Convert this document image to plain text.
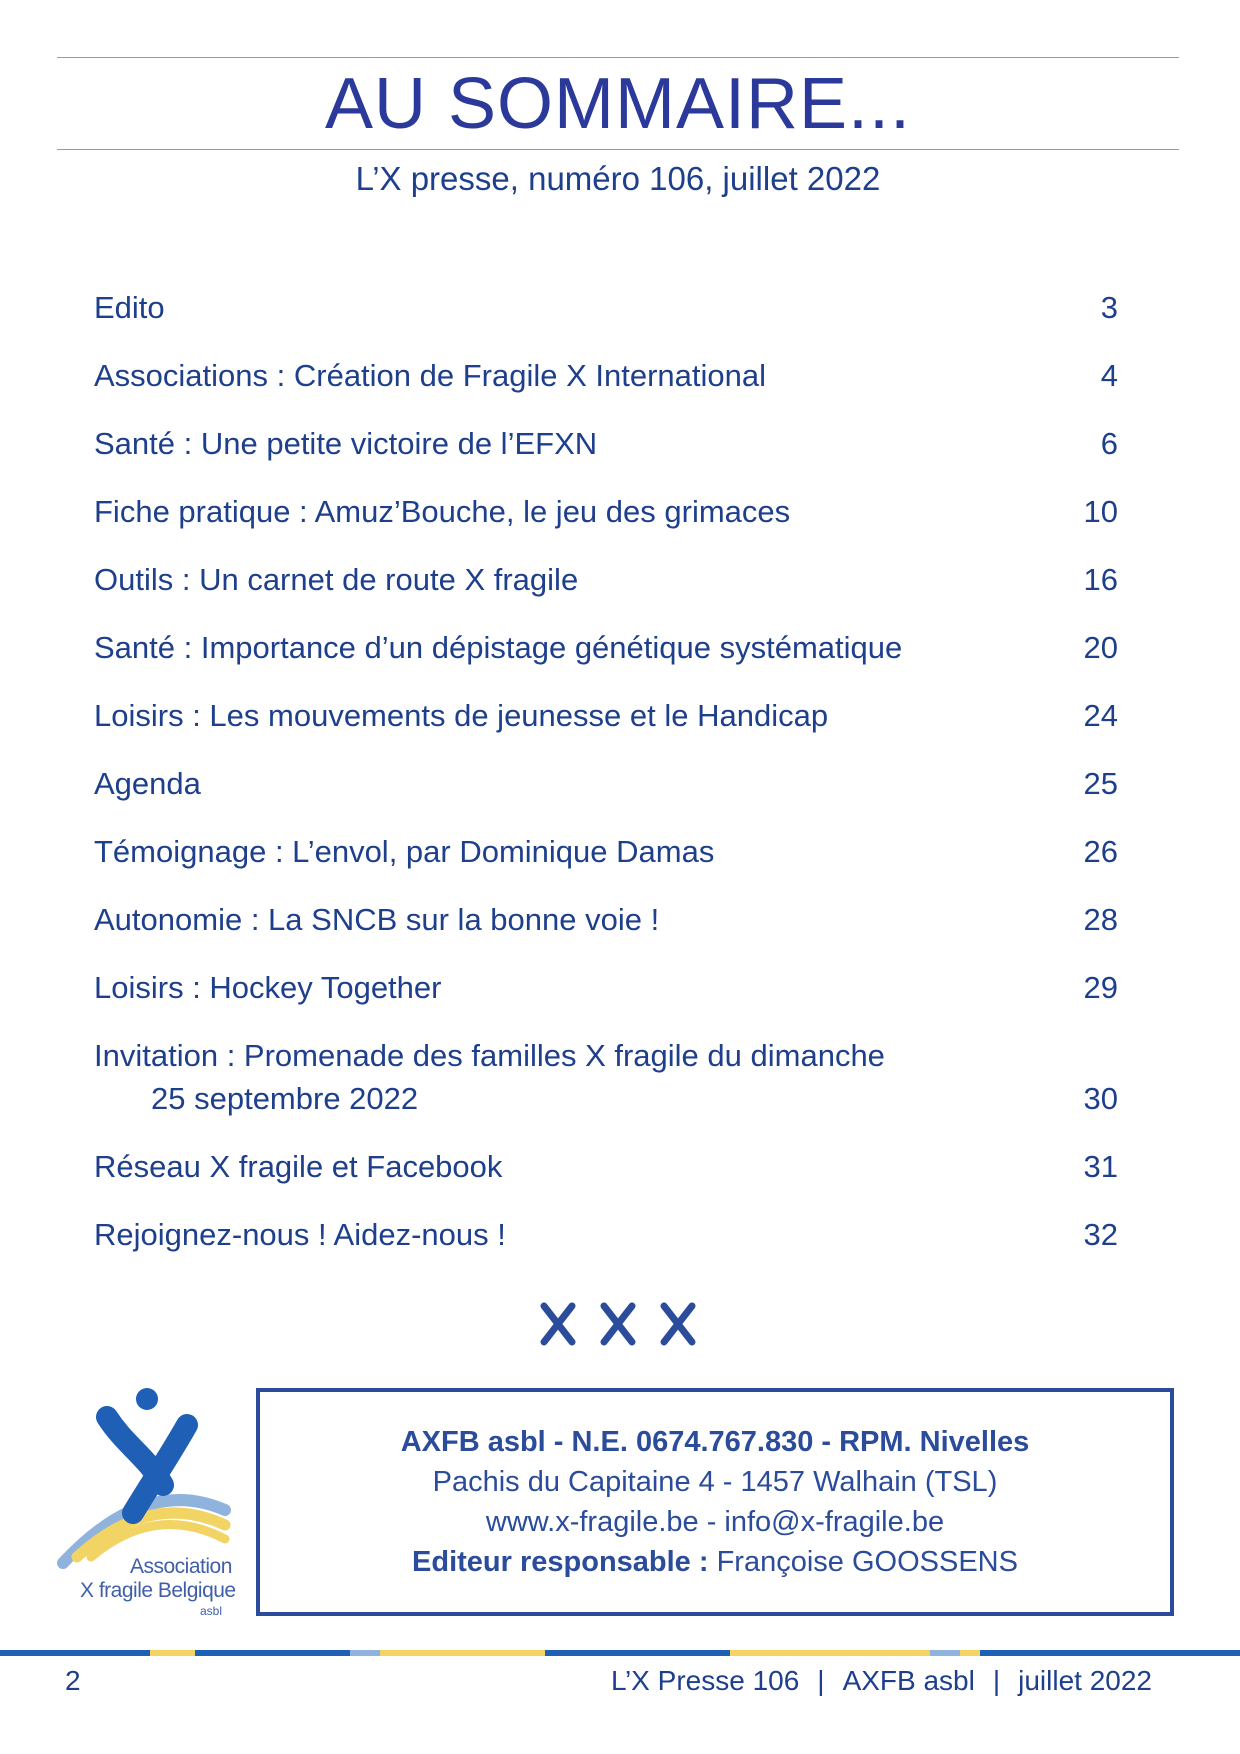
AU SOMMAIRE...
L’X presse, numéro 106, juillet 2022
Edito	3
Associations : Création de Fragile X International	4
Santé : Une petite victoire de l’EFXN	6
Fiche pratique : Amuz’Bouche, le jeu des grimaces	10
Outils : Un carnet de route X fragile	16
Santé : Importance d’un dépistage génétique systématique	20
Loisirs : Les mouvements de jeunesse et le Handicap	24
Agenda	25
Témoignage : L’envol, par Dominique Damas	26
Autonomie : La SNCB sur la bonne voie !	28
Loisirs : Hockey Together	29
Invitation : Promenade des familles X fragile du dimanche
25 septembre 2022	30
Réseau X fragile et Facebook	31
Rejoignez-nous ! Aidez-nous !	32
Association
X fragile Belgique
asbl
AXFB asbl - N.E. 0674.767.830 - RPM. Nivelles
Pachis du Capitaine 4 - 1457 Walhain (TSL)
www.x-fragile.be - info@x-fragile.be
Editeur responsable : Françoise GOOSSENS
2	L’X Presse 106 | AXFB asbl | juillet 2022
